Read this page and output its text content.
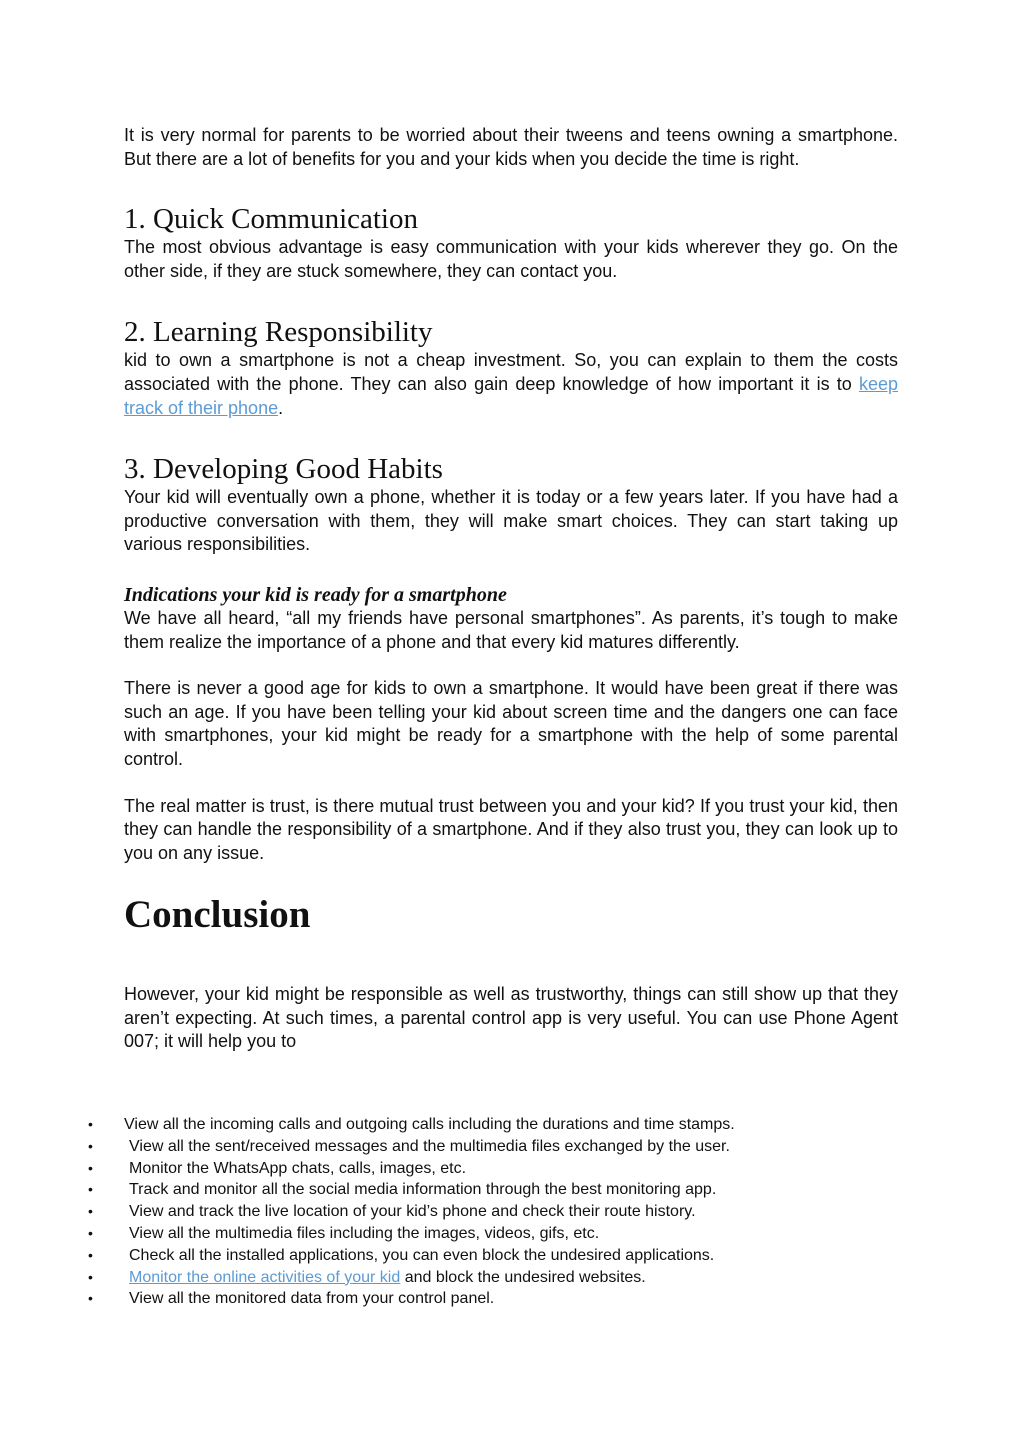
It is very normal for parents to be worried about their tweens and teens owning a smartphone. But there are a lot of benefits for you and your kids when you decide the time is right.

1. Quick Communication

The most obvious advantage is easy communication with your kids wherever they go. On the other side, if they are stuck somewhere, they can contact you.

2. Learning Responsibility

kid to own a smartphone is not a cheap investment. So, you can explain to them the costs associated with the phone. They can also gain deep knowledge of how important it is to keep track of their phone.

3. Developing Good Habits

Your kid will eventually own a phone, whether it is today or a few years later. If you have had a productive conversation with them, they will make smart choices. They can start taking up various responsibilities.

Indications your kid is ready for a smartphone

We have all heard, “all my friends have personal smartphones”. As parents, it’s tough to make them realize the importance of a phone and that every kid matures differently.

There is never a good age for kids to own a smartphone. It would have been great if there was such an age. If you have been telling your kid about screen time and the dangers one can face with smartphones, your kid might be ready for a smartphone with the help of some parental control.

The real matter is trust, is there mutual trust between you and your kid? If you trust your kid, then they can handle the responsibility of a smartphone. And if they also trust you, they can look up to you on any issue.

Conclusion

However, your kid might be responsible as well as trustworthy, things can still show up that they aren’t expecting. At such times, a parental control app is very useful. You can use Phone Agent 007; it will help you to

• View all the incoming calls and outgoing calls including the durations and time stamps.
• View all the sent/received messages and the multimedia files exchanged by the user.
• Monitor the WhatsApp chats, calls, images, etc.
• Track and monitor all the social media information through the best monitoring app.
• View and track the live location of your kid’s phone and check their route history.
• View all the multimedia files including the images, videos, gifs, etc.
• Check all the installed applications, you can even block the undesired applications.
• Monitor the online activities of your kid and block the undesired websites.
• View all the monitored data from your control panel.
